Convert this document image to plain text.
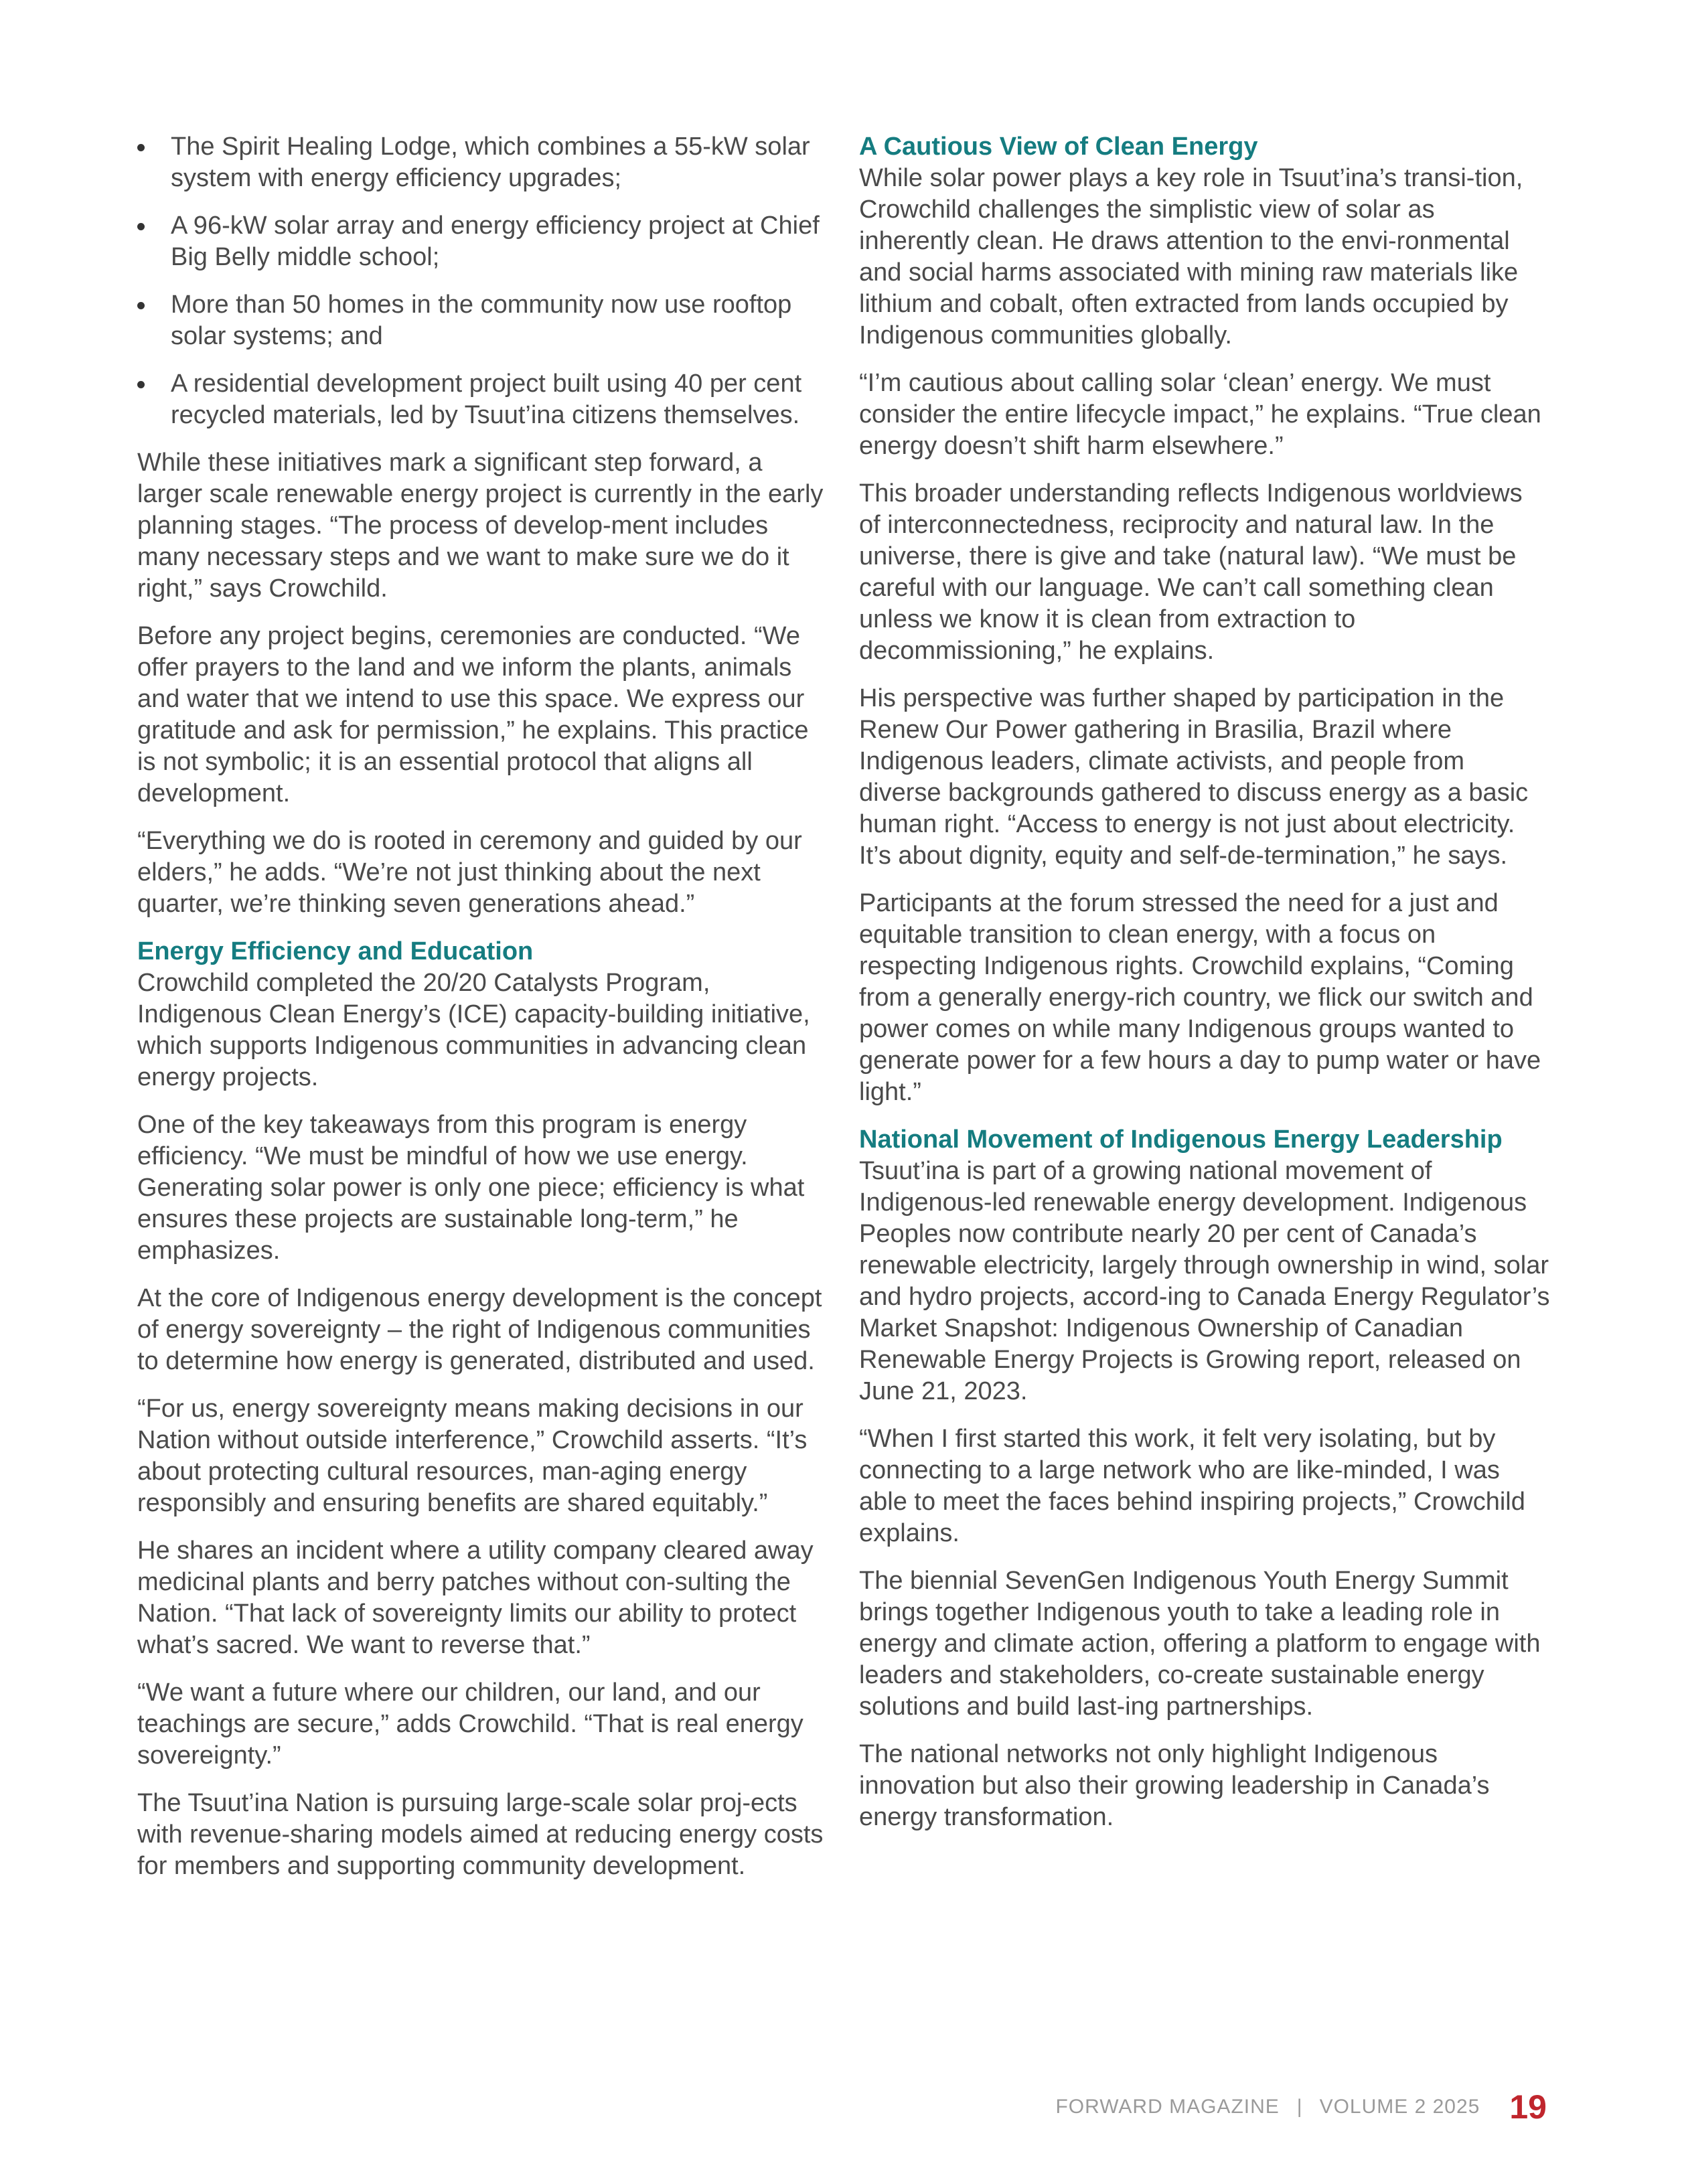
The Spirit Healing Lodge, which combines a 55-kW solar system with energy efficiency upgrades;
A 96-kW solar array and energy efficiency project at Chief Big Belly middle school;
More than 50 homes in the community now use rooftop solar systems; and
A residential development project built using 40 per cent recycled materials, led by Tsuut’ina citizens themselves.

While these initiatives mark a significant step forward, a larger scale renewable energy project is currently in the early planning stages. “The process of develop-ment includes many necessary steps and we want to make sure we do it right,” says Crowchild.

Before any project begins, ceremonies are conducted. “We offer prayers to the land and we inform the plants, animals and water that we intend to use this space. We express our gratitude and ask for permission,” he explains. This practice is not symbolic; it is an essential protocol that aligns all development.

“Everything we do is rooted in ceremony and guided by our elders,” he adds. “We’re not just thinking about the next quarter, we’re thinking seven generations ahead.”

Energy Efficiency and Education

Crowchild completed the 20/20 Catalysts Program, Indigenous Clean Energy’s (ICE) capacity-building initiative, which supports Indigenous communities in advancing clean energy projects.

One of the key takeaways from this program is energy efficiency. “We must be mindful of how we use energy. Generating solar power is only one piece; efficiency is what ensures these projects are sustainable long-term,” he emphasizes.

At the core of Indigenous energy development is the concept of energy sovereignty – the right of Indigenous communities to determine how energy is generated, distributed and used.

“For us, energy sovereignty means making decisions in our Nation without outside interference,” Crowchild asserts. “It’s about protecting cultural resources, man-aging energy responsibly and ensuring benefits are shared equitably.”

He shares an incident where a utility company cleared away medicinal plants and berry patches without con-sulting the Nation. “That lack of sovereignty limits our ability to protect what’s sacred. We want to reverse that.”

“We want a future where our children, our land, and our teachings are secure,” adds Crowchild. “That is real energy sovereignty.”

The Tsuut’ina Nation is pursuing large-scale solar proj-ects with revenue-sharing models aimed at reducing energy costs for members and supporting community development.

A Cautious View of Clean Energy

While solar power plays a key role in Tsuut’ina’s transi-tion, Crowchild challenges the simplistic view of solar as inherently clean. He draws attention to the envi-ronmental and social harms associated with mining raw materials like lithium and cobalt, often extracted from lands occupied by Indigenous communities globally.

“I’m cautious about calling solar ‘clean’ energy. We must consider the entire lifecycle impact,” he explains. “True clean energy doesn’t shift harm elsewhere.”

This broader understanding reflects Indigenous worldviews of interconnectedness, reciprocity and natural law. In the universe, there is give and take (natural law). “We must be careful with our language. We can’t call something clean unless we know it is clean from extraction to decommissioning,” he explains.

His perspective was further shaped by participation in the Renew Our Power gathering in Brasilia, Brazil where Indigenous leaders, climate activists, and people from diverse backgrounds gathered to discuss energy as a basic human right. “Access to energy is not just about electricity. It’s about dignity, equity and self-de-termination,” he says.

Participants at the forum stressed the need for a just and equitable transition to clean energy, with a focus on respecting Indigenous rights. Crowchild explains, “Coming from a generally energy-rich country, we flick our switch and power comes on while many Indigenous groups wanted to generate power for a few hours a day to pump water or have light.”

National Movement of Indigenous Energy Leadership

Tsuut’ina is part of a growing national movement of Indigenous-led renewable energy development. Indigenous Peoples now contribute nearly 20 per cent of Canada’s renewable electricity, largely through ownership in wind, solar and hydro projects, accord-ing to Canada Energy Regulator’s Market Snapshot: Indigenous Ownership of Canadian Renewable Energy Projects is Growing report, released on June 21, 2023.

“When I first started this work, it felt very isolating, but by connecting to a large network who are like-minded, I was able to meet the faces behind inspiring projects,” Crowchild explains.

The biennial SevenGen Indigenous Youth Energy Summit brings together Indigenous youth to take a leading role in energy and climate action, offering a platform to engage with leaders and stakeholders, co-create sustainable energy solutions and build last-ing partnerships.

The national networks not only highlight Indigenous innovation but also their growing leadership in Canada’s energy transformation.

FORWARD MAGAZINE | VOLUME 2 2025 19
